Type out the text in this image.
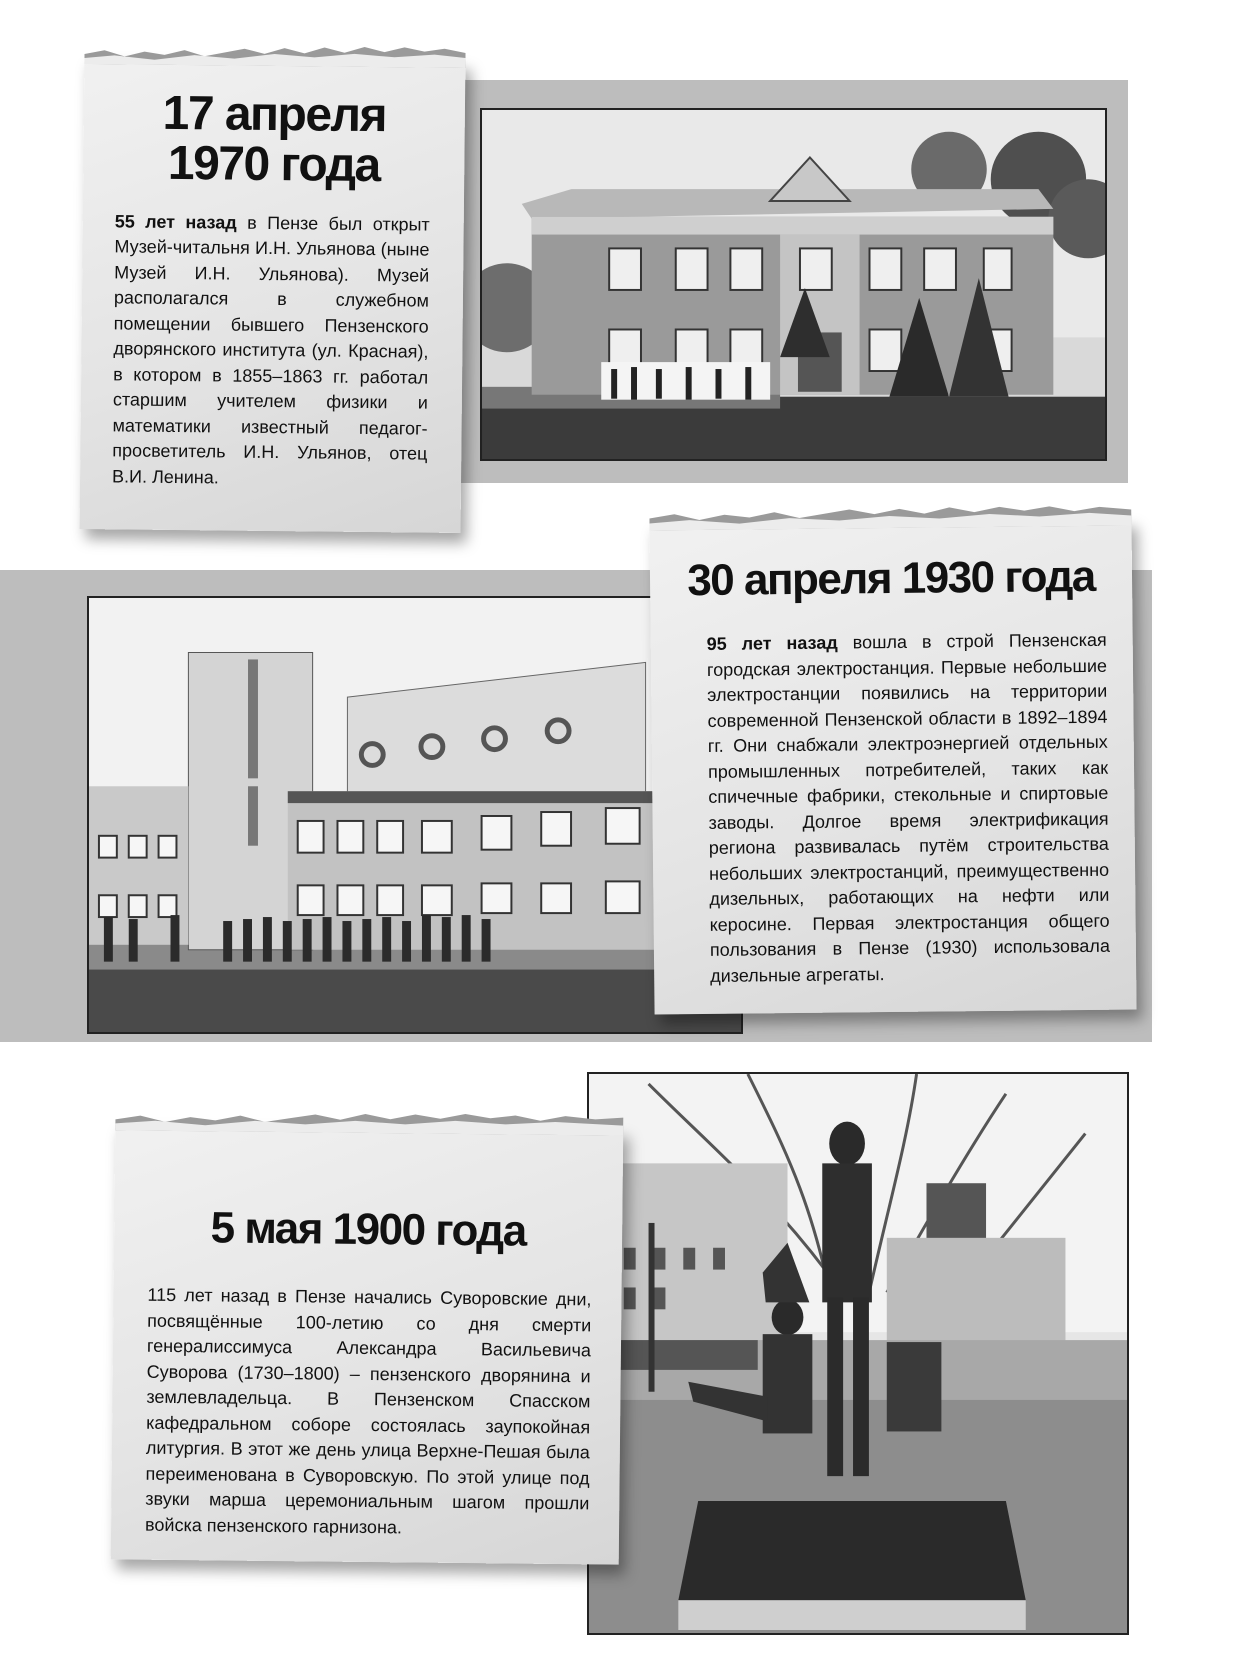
17 апреля
1970 года

55 лет назад в Пензе был открыт Музей-читальня И.Н. Ульянова (ныне Музей И.Н. Ульянова). Музей располагался в служебном помещении бывшего Пензенского дворянского института (ул. Красная), в котором в 1855–1863 гг. работал старшим учителем физики и математики известный педагог-просветитель И.Н. Ульянов, отец В.И. Ленина.

30 апреля 1930 года

95 лет назад вошла в строй Пензенская городская электростанция. Первые небольшие электростанции появились на территории современной Пензенской области в 1892–1894 гг. Они снабжали электроэнергией отдельных промышленных потребителей, таких как спичечные фабрики, стекольные и спиртовые заводы. Долгое время электрификация региона развивалась путём строительства небольших электростанций, преимущественно дизельных, работающих на нефти или керосине. Первая электростанция общего пользования в Пензе (1930) использовала дизельные агрегаты.

5 мая 1900 года

115 лет назад в Пензе начались Суворовские дни, посвящённые 100-летию со дня смерти генералиссимуса Александра Васильевича Суворова (1730–1800) – пензенского дворянина и землевладельца. В Пензенском Спасском кафедральном соборе состоялась заупокойная литургия. В этот же день улица Верхне-Пешая была переименована в Суворовскую. По этой улице под звуки марша церемониальным шагом прошли войска пензенского гарнизона.
